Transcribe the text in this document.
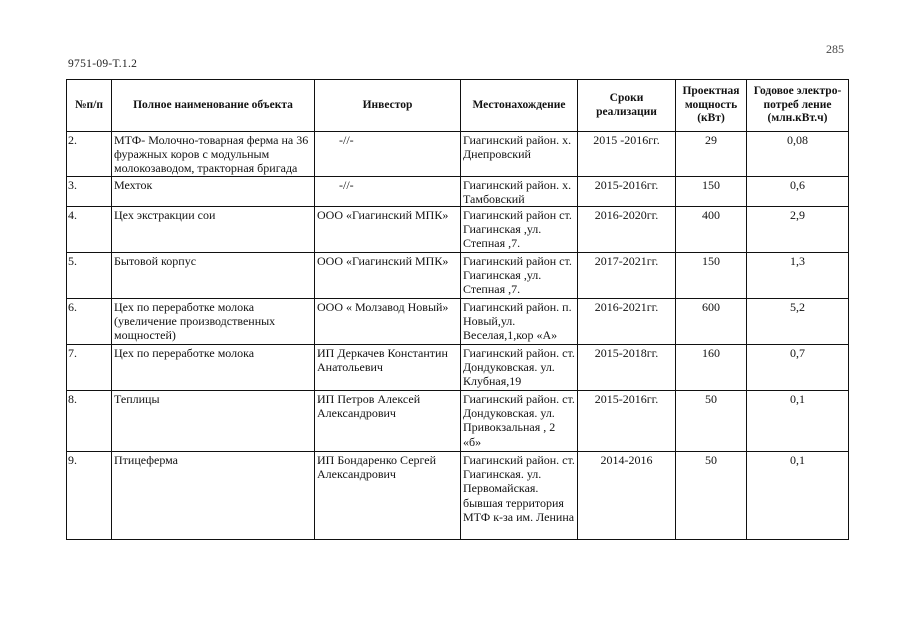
285
9751-09-Т.1.2
№п/п	Полное наименование объекта	Инвестор	Местонахождение	Сроки реализации	Проектная мощность (кВт)	Годовое электро-потреб ление (млн.кВт.ч)
2.	МТФ- Молочно-товарная ферма на 36 фуражных коров с модульным молокозаводом, тракторная бригада	-//-	Гиагинский район. х. Днепровский	2015 -2016гг.	29	0,08
3.	Мехток	-//-	Гиагинский район. х. Тамбовский	2015-2016гг.	150	0,6
4.	Цех экстракции сои	ООО «Гиагинский МПК»	Гиагинский район ст. Гиагинская ,ул. Степная ,7.	2016-2020гг.	400	2,9
5.	Бытовой корпус	ООО «Гиагинский МПК»	Гиагинский район ст. Гиагинская ,ул. Степная ,7.	2017-2021гг.	150	1,3
6.	Цех по переработке молока (увеличение производственных мощностей)	ООО « Молзавод Новый»	Гиагинский район. п. Новый,ул. Веселая,1,кор «А»	2016-2021гг.	600	5,2
7.	Цех по переработке молока	ИП Деркачев Константин Анатольевич	Гиагинский район. ст. Дондуковская. ул. Клубная,19	2015-2018гг.	160	0,7
8.	Теплицы	ИП Петров Алексей Александрович	Гиагинский район. ст. Дондуковская. ул. Привокзальная , 2 «б»	2015-2016гг.	50	0,1
9.	Птицеферма	ИП Бондаренко Сергей Александрович	Гиагинский район. ст. Гиагинская. ул. Первомайская. бывшая территория МТФ к-за им. Ленина	2014-2016	50	0,1
